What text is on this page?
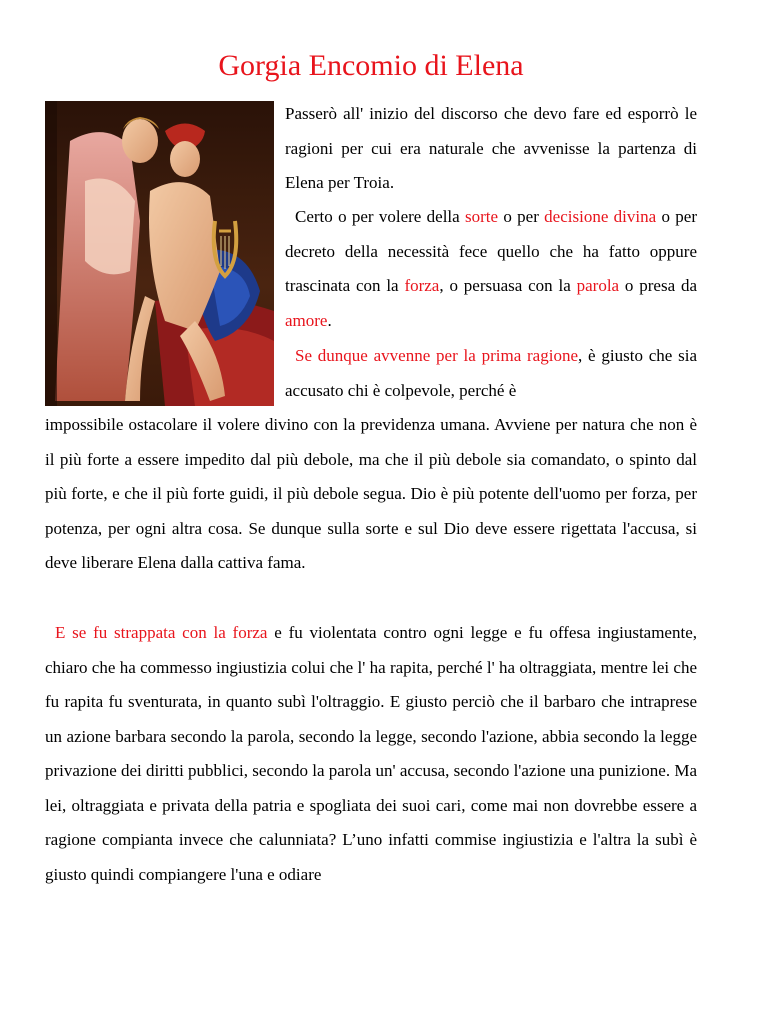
Gorgia Encomio di Elena

Passerò all' inizio del discorso che devo fare ed esporrò le ragioni per cui era naturale che avvenisse la partenza di Elena per Troia.

Certo o per volere della sorte o per decisione divina o per decreto della necessità fece quello che ha fatto oppure trascinata con la forza, o persuasa con la parola o presa da amore.

Se dunque avvenne per la prima ragione, è giusto che sia accusato chi è colpevole, perché è

impossibile ostacolare il volere divino con la previdenza umana. Avviene per natura che non è il più forte a essere impedito dal più debole, ma che il più debole sia comandato, o spinto dal più forte, e che il più forte guidi, il più debole segua. Dio è più potente dell'uomo per forza, per potenza, per ogni altra cosa. Se dunque sulla sorte e sul Dio deve essere rigettata l'accusa, si deve liberare Elena dalla cattiva fama.

E se fu strappata con la forza e fu violentata contro ogni legge e fu offesa ingiustamente, chiaro che ha commesso ingiustizia colui che l' ha rapita, perché l' ha oltraggiata, mentre lei che fu rapita fu sventurata, in quanto subì l'oltraggio. E giusto perciò che il barbaro che intraprese un azione barbara secondo la parola, secondo la legge, secondo l'azione, abbia secondo la legge privazione dei diritti pubblici, secondo la parola un' accusa, secondo l'azione una punizione. Ma lei, oltraggiata e privata della patria e spogliata dei suoi cari, come mai non dovrebbe essere a ragione compianta invece che calunniata? L’uno infatti commise ingiustizia e l'altra la subì è giusto quindi compiangere l'una e odiare
